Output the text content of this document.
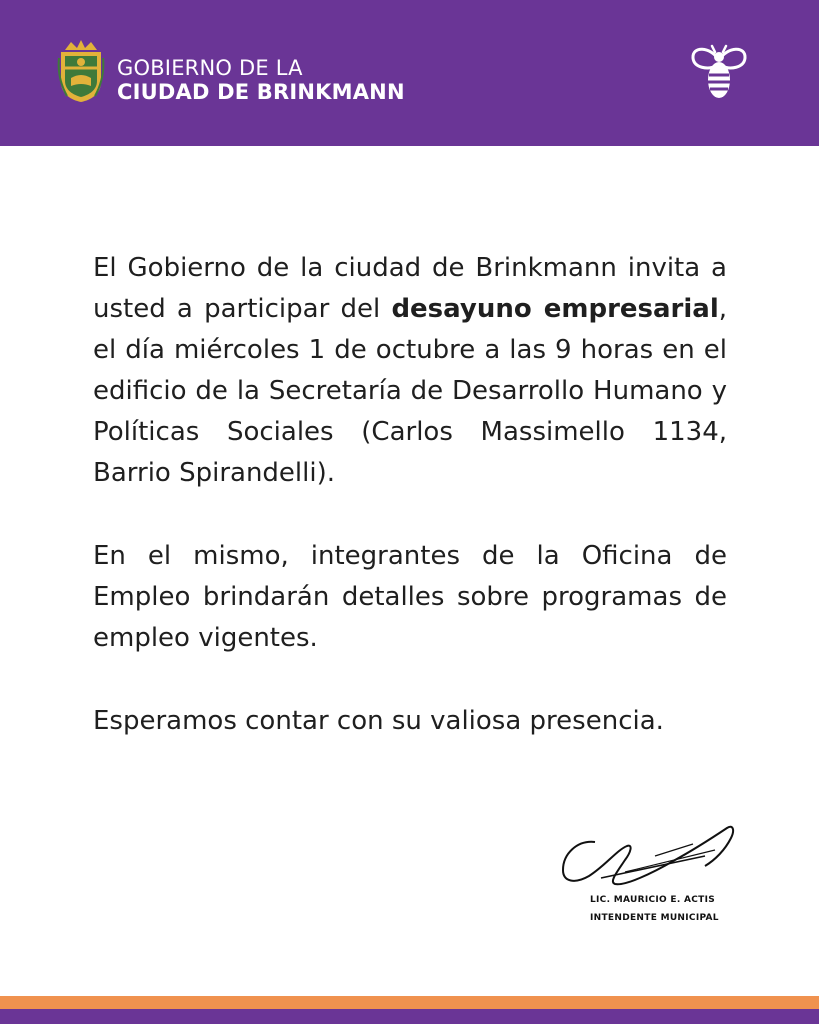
GOBIERNO DE LA
CIUDAD DE BRINKMANN

El Gobierno de la ciudad de Brinkmann invita a usted a participar del desayuno empresarial, el día miércoles 1 de octubre a las 9 horas en el edificio de la Secretaría de Desarrollo Humano y Políticas Sociales (Carlos Massimello 1134, Barrio Spirandelli).

En el mismo, integrantes de la Oficina de Empleo brindarán detalles sobre programas de empleo vigentes.

Esperamos contar con su valiosa presencia.

LIC. MAURICIO E. ACTIS
INTENDENTE MUNICIPAL
